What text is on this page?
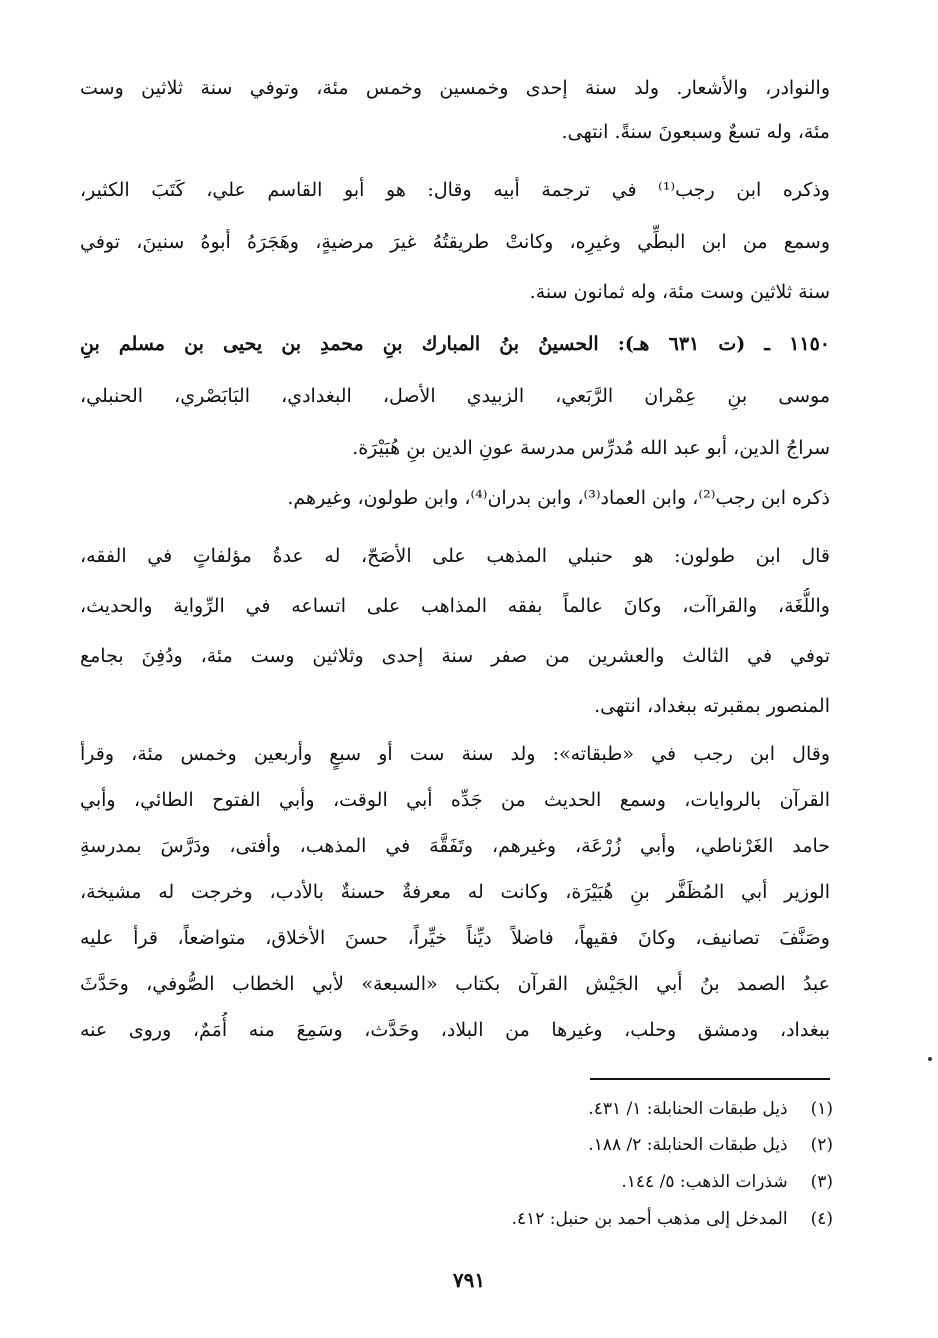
والنوادر، والأشعار. ولد سنة إحدى وخمسين وخمس مئة، وتوفي سنة ثلاثين وست
مئة، وله تسعٌ وسبعونَ سنةً. انتهى.
وذكره ابن رجب⁽¹⁾ في ترجمة أبيه وقال: هو أبو القاسم علي، كَتَبَ الكثير،
وسمع من ابن البطِّي وغيرِه، وكانتْ طريقتُهُ غيرَ مرضيةٍ، وهَجَرَهُ أبوهُ سنينَ، توفي
سنة ثلاثين وست مئة، وله ثمانون سنة.
١١٥٠ ـ (ت ٦٣١ هـ): الحسينُ بنُ المبارك بنِ محمدِ بن يحيى بن مسلم بنِ
موسى بنِ عِمْران الرَّبَعي، الزبيدي الأصل، البغدادي، البَابَصْري، الحنبلي،
سراجُ الدين، أبو عبد الله مُدرِّس مدرسة عونِ الدين بنِ هُبَيْرَة.
ذكره ابن رجب⁽²⁾، وابن العماد⁽³⁾، وابن بدران⁽⁴⁾، وابن طولون، وغيرهم.
قال ابن طولون: هو حنبلي المذهب على الأصَحّ، له عدةُ مؤلفاتٍ في الفقه،
واللُّغَة، والقراآت، وكانَ عالماً بفقه المذاهب على اتساعه في الرِّواية والحديث،
توفي في الثالث والعشرين من صفر سنة إحدى وثلاثين وست مئة، ودُفِنَ بجامع
المنصور بمقبرته ببغداد، انتهى.
وقال ابن رجب في «طبقاته»: ولد سنة ست أو سبعٍ وأربعين وخمس مئة، وقرأ
القرآن بالروايات، وسمع الحديث من جَدِّه أبي الوقت، وأبي الفتوح الطائي، وأبي
حامد الغَرْناطي، وأبي زُرْعَة، وغيرهم، وتَفَقَّهَ في المذهب، وأفتى، ودَرَّسَ بمدرسةِ
الوزير أبي المُظَفَّر بنِ هُبَيْرَة، وكانت له معرفةٌ حسنةٌ بالأدب، وخرجت له مشيخة،
وصَنَّفَ تصانيف، وكانَ فقيهاً، فاضلاً ديِّناً خيِّراً، حسنَ الأخلاق، متواضعاً، قرأ عليه
عبدُ الصمد بنُ أبي الجَيْش القرآن بكتاب «السبعة» لأبي الخطاب الصُّوفي، وحَدَّثَ
ببغداد، ودمشق وحلب، وغيرها من البلاد، وحَدَّث، وسَمِعَ منه أُمَمٌ، وروى عنه
(١) ذيل طبقات الحنابلة: ١/ ٤٣١.
(٢) ذيل طبقات الحنابلة: ٢/ ١٨٨.
(٣) شذرات الذهب: ٥/ ١٤٤.
(٤) المدخل إلى مذهب أحمد بن حنبل: ٤١٢.
٧٩١
